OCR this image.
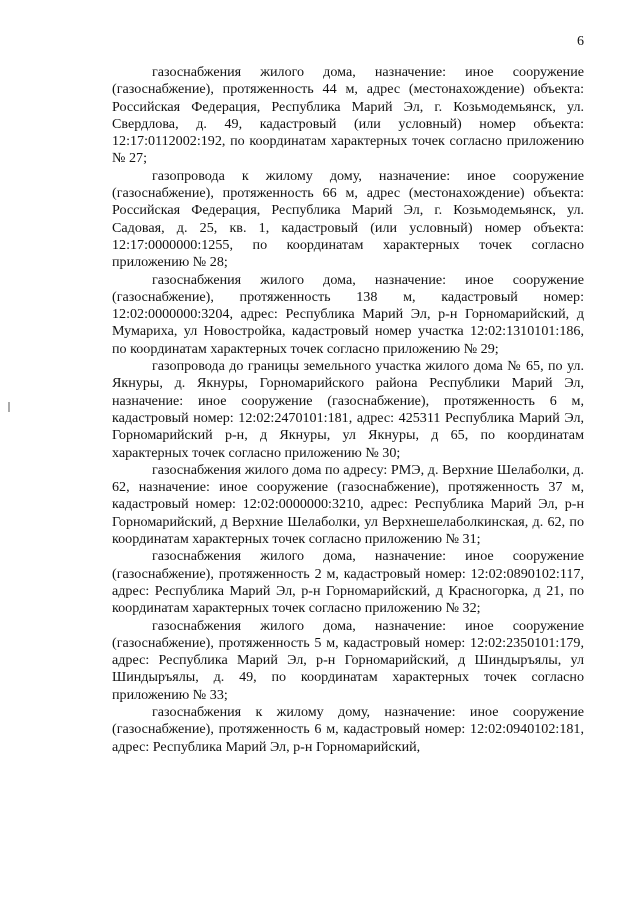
6

газоснабжения жилого дома, назначение: иное сооружение (газоснабжение), протяженность 44 м, адрес (местонахождение) объекта: Российская Федерация, Республика Марий Эл, г. Козьмодемьянск, ул. Свердлова, д. 49, кадастровый (или условный) номер объекта: 12:17:0112002:192, по координатам характерных точек согласно приложению № 27;

газопровода к жилому дому, назначение: иное сооружение (газоснабжение), протяженность 66 м, адрес (местонахождение) объекта: Российская Федерация, Республика Марий Эл, г. Козьмодемьянск, ул. Садовая, д. 25, кв. 1, кадастровый (или условный) номер объекта: 12:17:0000000:1255, по координатам характерных точек согласно приложению № 28;

газоснабжения жилого дома, назначение: иное сооружение (газоснабжение), протяженность 138 м, кадастровый номер: 12:02:0000000:3204, адрес: Республика Марий Эл, р-н Горномарийский, д Мумариха, ул Новостройка, кадастровый номер участка 12:02:1310101:186, по координатам характерных точек согласно приложению № 29;

газопровода до границы земельного участка жилого дома № 65, по ул. Якнуры, д. Якнуры, Горномарийского района Республики Марий Эл, назначение: иное сооружение (газоснабжение), протяженность 6 м, кадастровый номер: 12:02:2470101:181, адрес: 425311 Республика Марий Эл, Горномарийский р-н, д Якнуры, ул Якнуры, д 65, по координатам характерных точек согласно приложению № 30;

газоснабжения жилого дома по адресу: РМЭ, д. Верхние Шелаболки, д. 62, назначение: иное сооружение (газоснабжение), протяженность 37 м, кадастровый номер: 12:02:0000000:3210, адрес: Республика Марий Эл, р-н Горномарийский, д Верхние Шелаболки, ул Верхнешелаболкинская, д. 62, по координатам характерных точек согласно приложению № 31;

газоснабжения жилого дома, назначение: иное сооружение (газоснабжение), протяженность 2 м, кадастровый номер: 12:02:0890102:117, адрес: Республика Марий Эл, р-н Горномарийский, д Красногорка, д 21, по координатам характерных точек согласно приложению № 32;

газоснабжения жилого дома, назначение: иное сооружение (газоснабжение), протяженность 5 м, кадастровый номер: 12:02:2350101:179, адрес: Республика Марий Эл, р-н Горномарийский, д Шиндыръялы, ул Шиндыръялы, д. 49, по координатам характерных точек согласно приложению № 33;

газоснабжения к жилому дому, назначение: иное сооружение (газоснабжение), протяженность 6 м, кадастровый номер: 12:02:0940102:181, адрес: Республика Марий Эл, р-н Горномарийский,
